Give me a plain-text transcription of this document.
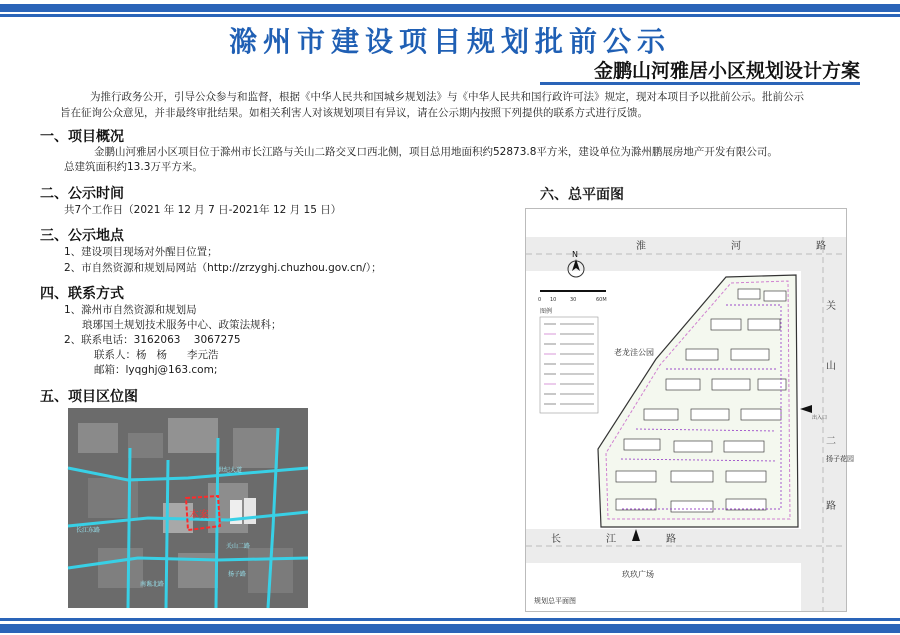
滁州市建设项目规划批前公示
金鹏山河雅居小区规划设计方案
为推行政务公开，引导公众参与和监督，根据《中华人民共和国城乡规划法》与《中华人民共和国行政许可法》规定，现对本项目予以批前公示。批前公示
旨在征询公众意见，并非最终审批结果。如相关利害人对该规划项目有异议，请在公示期内按照下列提供的联系方式进行反馈。
一、项目概况
金鹏山河雅居小区项目位于滁州市长江路与关山二路交叉口西北侧，项目总用地面积约52873.8平方米，建设单位为滁州鹏展房地产开发有限公司。
总建筑面积约13.3万平方米。
二、公示时间
共7个工作日（2021 年 12 月 7 日-2021年 12 月 15 日）
三、公示地点
1、建设项目现场对外醒目位置；
2、市自然资源和规划局网站（http://zrzyghj.chuzhou.gov.cn/）；
四、联系方式
1、滁州市自然资源和规划局
琅琊国土规划技术服务中心、政策法规科；
2、联系电话：3162063    3067275
联系人：杨   杨      李元浩
邮箱：lyqghj@163.com;
五、项目区位图
本案
南谯北路
长江东路
关山二路
世纪大道
扬子路
六、总平面图
淮	河	路
关
山
二
路
长	江	路
N
0 10	30	60M
图例
出入口
老龙洼公园
扬子花园
玖玖广场
规划总平面图
